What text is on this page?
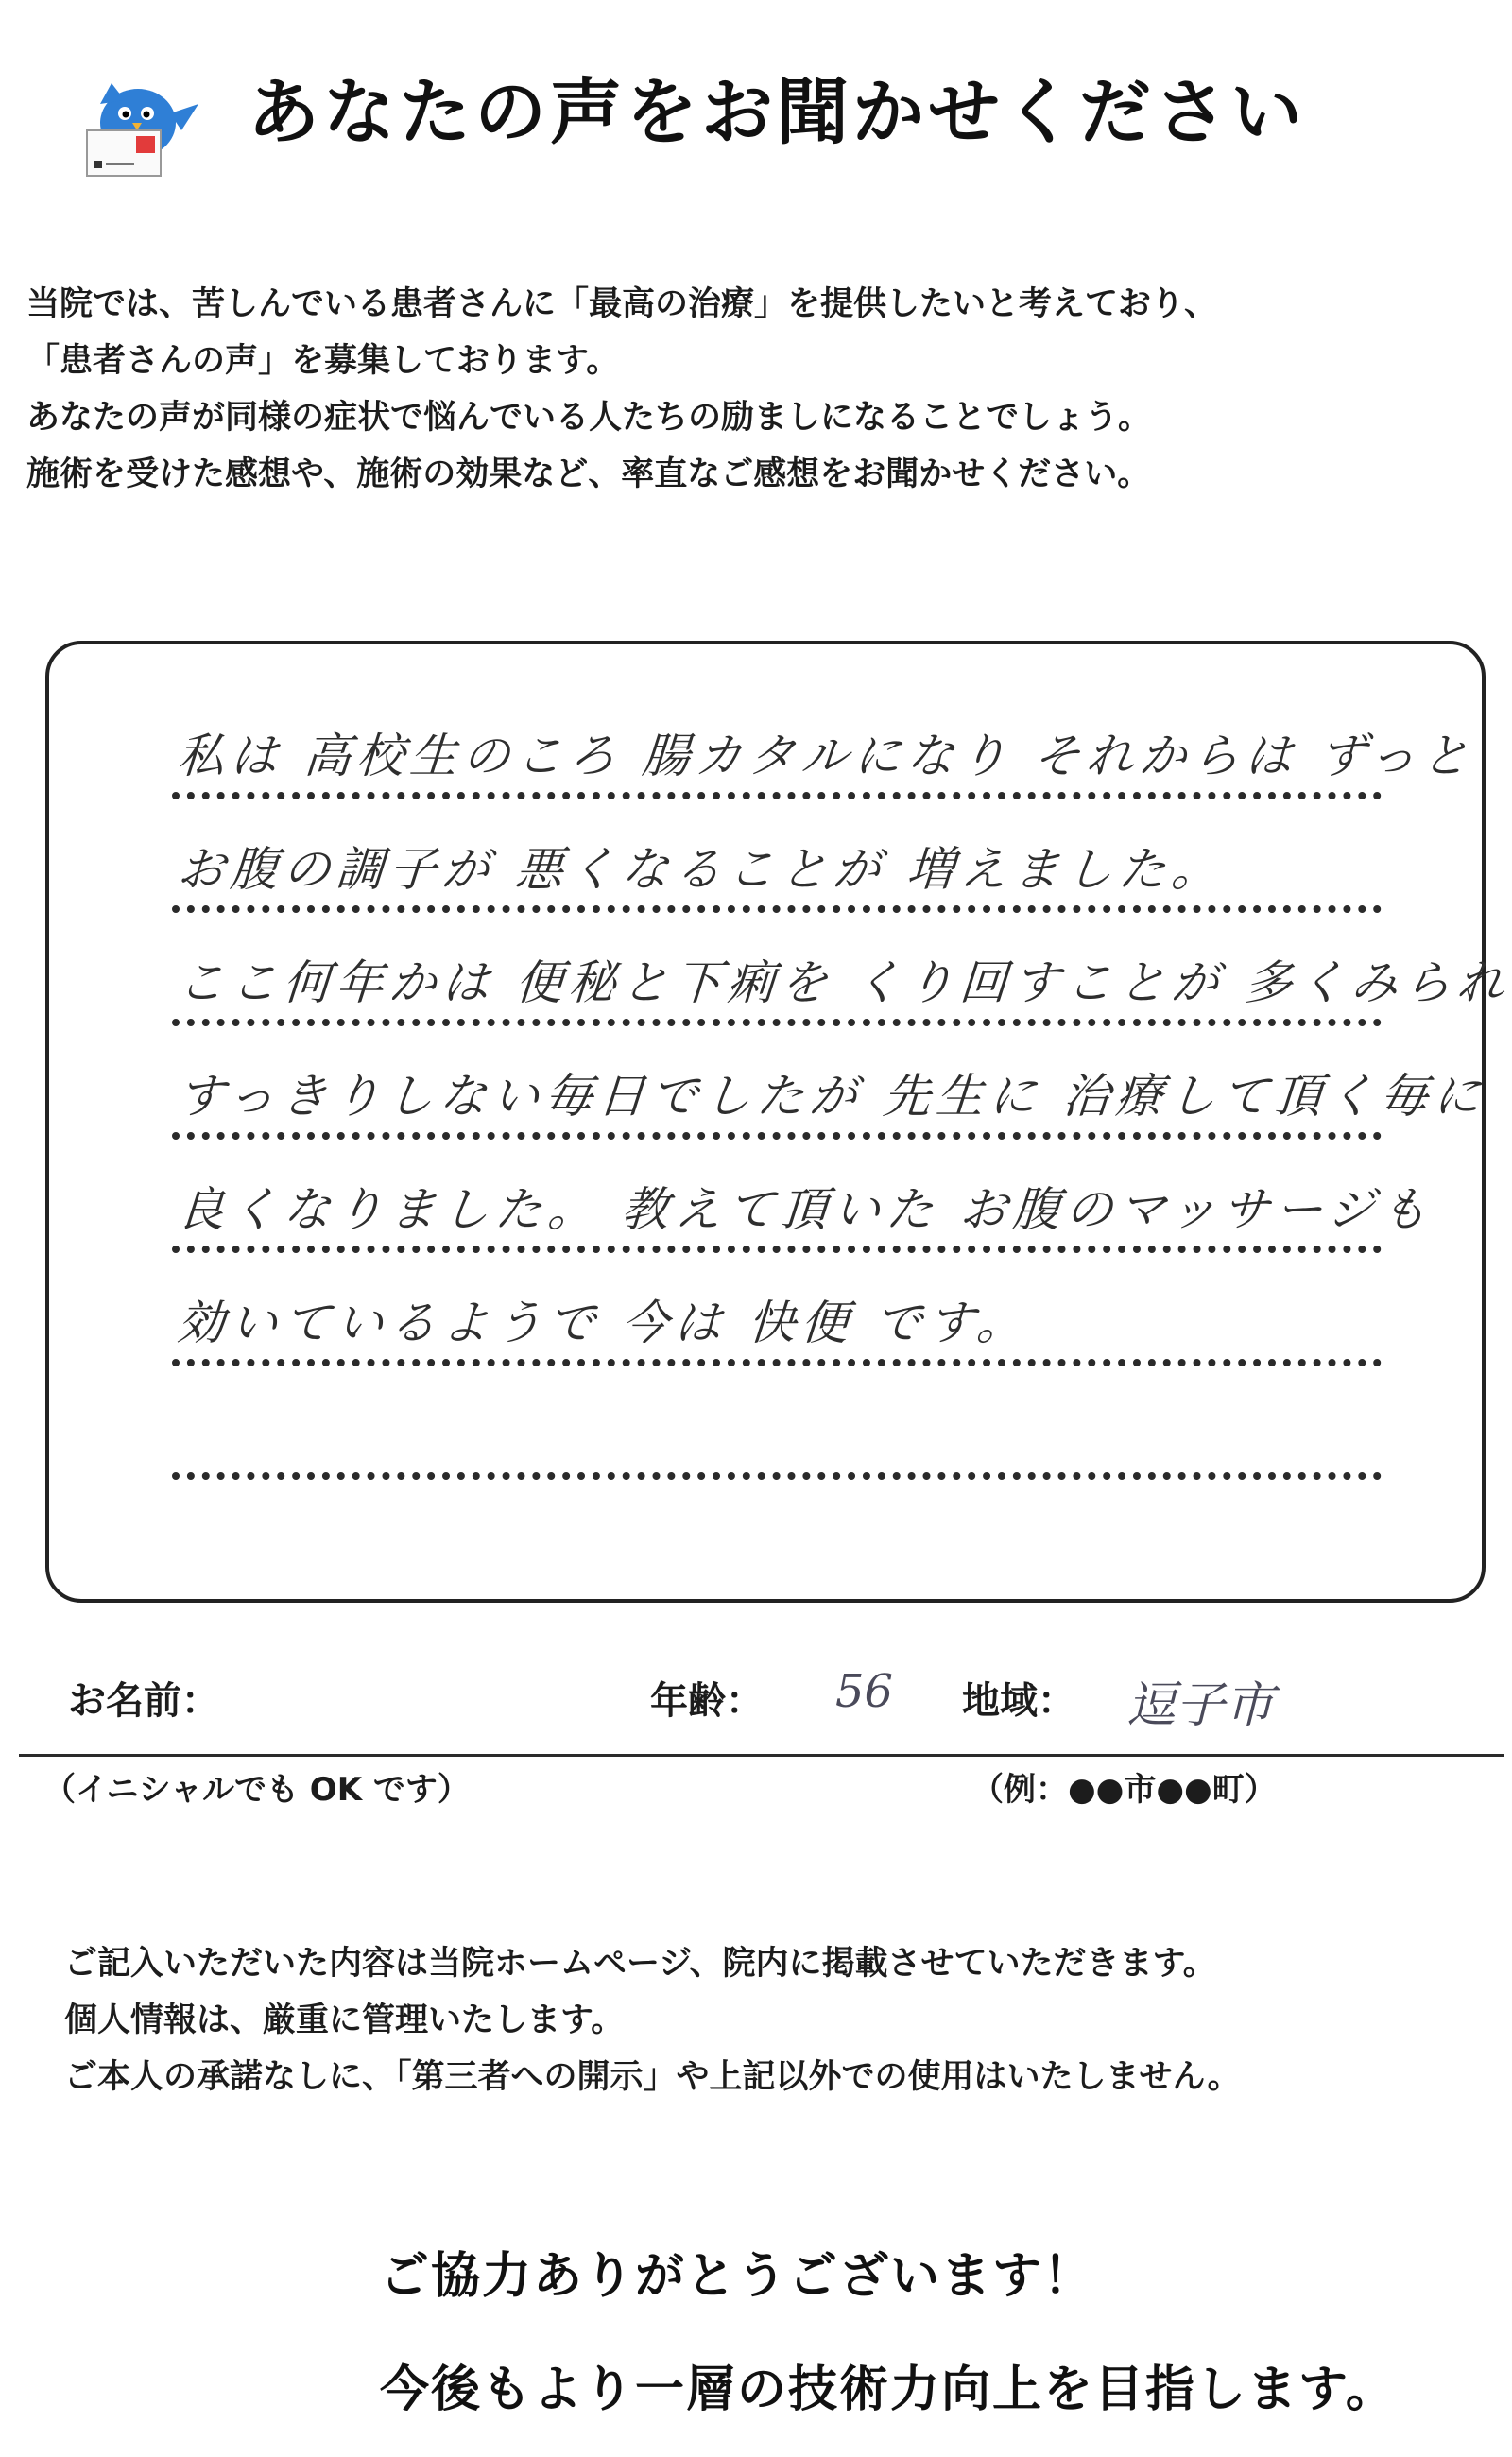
あなたの声をお聞かせください
当院では、苦しんでいる患者さんに「最高の治療」を提供したいと考えており、
「患者さんの声」を募集しております。
あなたの声が同様の症状で悩んでいる人たちの励ましになることでしょう。
施術を受けた感想や、施術の効果など、率直なご感想をお聞かせください。
私は 高校生のころ 腸カタルになり それからは ずっと
お腹の調子が 悪くなることが 増えました。
ここ何年かは 便秘と下痢を くり回すことが 多くみられ
すっきりしない毎日でしたが 先生に 治療して頂く毎に
良くなりました。 教えて頂いた お腹のマッサージも
効いているようで 今は 快便 です。
お名前：	年齢： 56 地域： 逗子市
（イニシャルでも OK です）	（例：●●市●●町）
ご記入いただいた内容は当院ホームページ、院内に掲載させていただきます。
個人情報は、厳重に管理いたします。
ご本人の承諾なしに、「第三者への開示」や上記以外での使用はいたしません。
ご協力ありがとうございます！
今後もより一層の技術力向上を目指します。
